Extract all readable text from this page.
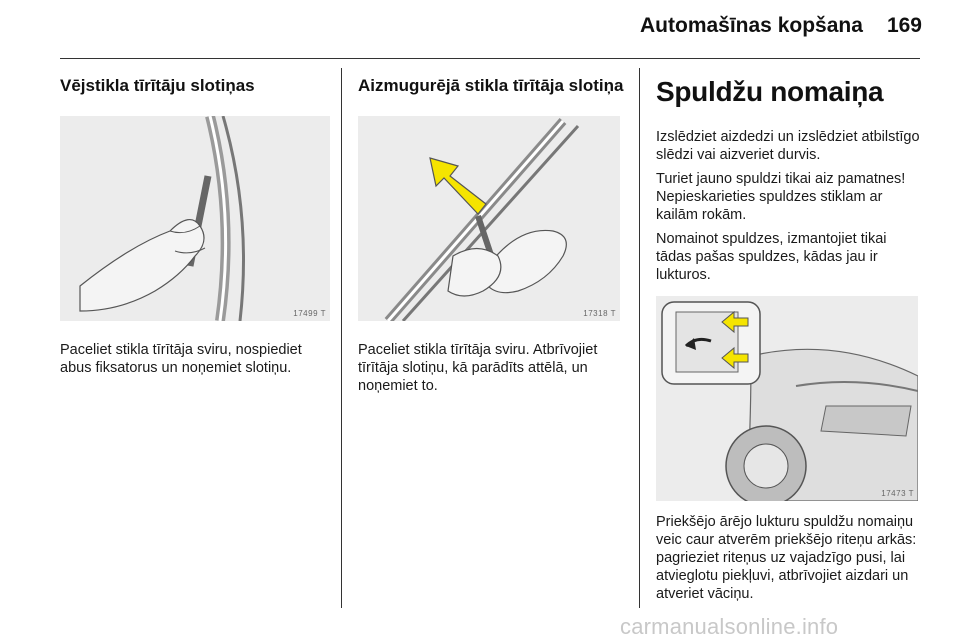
Automašīnas kopšana 169
Vējstikla tīrītāju slotiņas
17499 T

Paceliet stikla tīrītāja sviru, nospiediet abus fiksatorus un noņemiet slotiņu.

Aizmugurējā stikla tīrītāja slotiņa
17318 T

Paceliet stikla tīrītāja sviru. Atbrīvojiet tīrītāja slotiņu, kā parādīts attēlā, un noņemiet to.

Spuldžu nomaiņa

Izslēdziet aizdedzi un izslēdziet atbilstīgo slēdzi vai aizveriet durvis.

Turiet jauno spuldzi tikai aiz pamatnes! Nepieskarieties spuldzes stiklam ar kailām rokām.

Nomainot spuldzes, izmantojiet tikai tādas pašas spuldzes, kādas jau ir lukturos.

17473 T

Priekšējo ārējo lukturu spuldžu nomaiņu veic caur atverēm priekšējo riteņu arkās: pagrieziet riteņus uz vajadzīgo pusi, lai atvieglotu piekļuvi, atbrīvojiet aizdari un atveriet vāciņu.

carmanualsonline.info
